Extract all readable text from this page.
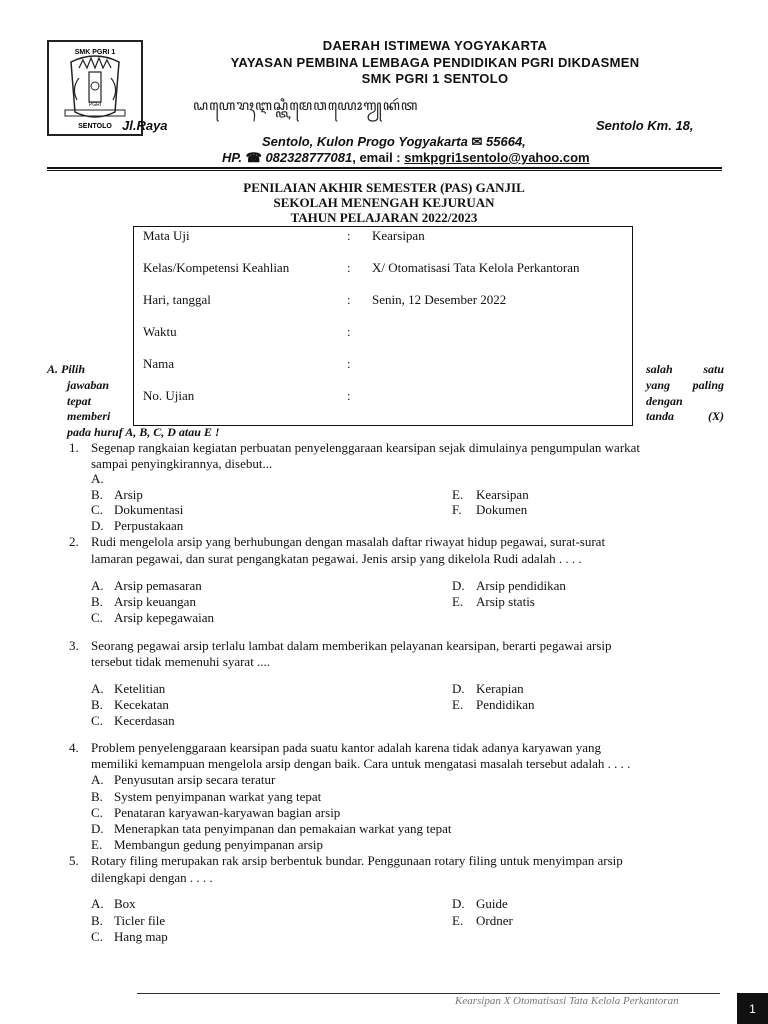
SMK PGRI 1
PGRI
SENTOLO
DAERAH ISTIMEWA YOGYAKARTA
YAYASAN PEMBINA LEMBAGA PENDIDIKAN PGRI DIKDASMEN
SMK PGRI 1 SENTOLO
ꦝꦲꦺꦫꦃꦆꦱ꧀ꦠꦶꦩꦺꦮꦪꦺꦴꦒꦾꦏꦂꦠ
Jl.Raya	Sentolo Km. 18,
Sentolo, Kulon Progo Yogyakarta ✉ 55664,
HP. ☎ 082328777081, email : smkpgri1sentolo@yahoo.com
PENILAIAN AKHIR SEMESTER (PAS) GANJIL
SEKOLAH MENENGAH KEJURUAN
TAHUN PELAJARAN 2022/2023
Mata Uji	: Kearsipan
Kelas/Kompetensi Keahlian	: X/ Otomatisasi Tata Kelola Perkantoran
Hari, tanggal	: Senin, 12 Desember 2022
Waktu	:
Nama	:
No. Ujian	:
A. Pilih
jawaban
tepat
memberi
salah satu
yang paling
dengan
tanda (X)
pada huruf A, B, C, D atau E !
1. Segenap rangkaian kegiatan perbuatan penyelenggaraan kearsipan sejak dimulainya pengumpulan warkat
sampai penyingkirannya, disebut...
A.
B. Arsip
C. Dokumentasi
D. Perpustakaan
E. Kearsipan
F. Dokumen
2. Rudi mengelola arsip yang berhubungan dengan masalah daftar riwayat hidup pegawai, surat-surat
lamaran pegawai, dan surat pengangkatan pegawai. Jenis arsip yang dikelola Rudi adalah . . . .
A. Arsip pemasaran
B. Arsip keuangan
C. Arsip kepegawaian
D. Arsip pendidikan
E. Arsip statis
3. Seorang pegawai arsip terlalu lambat dalam memberikan pelayanan kearsipan, berarti pegawai arsip
tersebut tidak memenuhi syarat ....
A. Ketelitian
B. Kecekatan
C. Kecerdasan
D. Kerapian
E. Pendidikan
4. Problem penyelenggaraan kearsipan pada suatu kantor adalah karena tidak adanya karyawan yang
memiliki kemampuan mengelola arsip dengan baik. Cara untuk mengatasi masalah tersebut adalah . . . .
A. Penyusutan arsip secara teratur
B. System penyimpanan warkat yang tepat
C. Penataran karyawan-karyawan bagian arsip
D. Menerapkan tata penyimpanan dan pemakaian warkat yang tepat
E. Membangun gedung penyimpanan arsip
5. Rotary filing merupakan rak arsip berbentuk bundar. Penggunaan rotary filing untuk menyimpan arsip
dilengkapi dengan . . . .
A. Box
B. Ticler file
C. Hang map
D. Guide
E. Ordner
Kearsipan X Otomatisasi Tata Kelola Perkantoran
1
